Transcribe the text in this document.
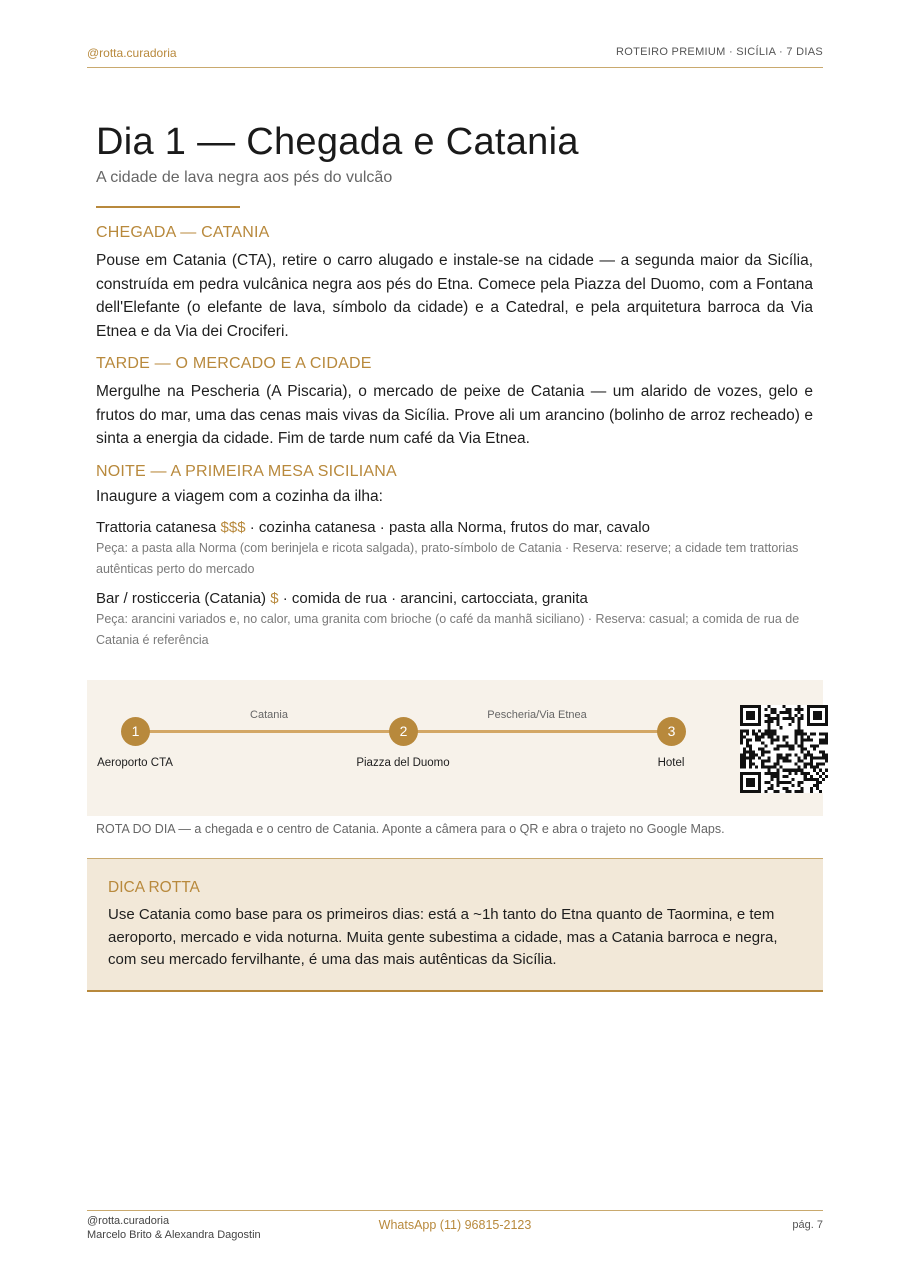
@rotta.curadoria	ROTEIRO PREMIUM · SICÍLIA · 7 DIAS
Dia 1 — Chegada e Catania
A cidade de lava negra aos pés do vulcão
CHEGADA — CATANIA

Pouse em Catania (CTA), retire o carro alugado e instale-se na cidade — a segunda maior da Sicília, construída em pedra vulcânica negra aos pés do Etna. Comece pela Piazza del Duomo, com a Fontana dell'Elefante (o elefante de lava, símbolo da cidade) e a Catedral, e pela arquitetura barroca da Via Etnea e da Via dei Crociferi.

TARDE — O MERCADO E A CIDADE

Mergulhe na Pescheria (A Piscaria), o mercado de peixe de Catania — um alarido de vozes, gelo e frutos do mar, uma das cenas mais vivas da Sicília. Prove ali um arancino (bolinho de arroz recheado) e sinta a energia da cidade. Fim de tarde num café da Via Etnea.

NOITE — A PRIMEIRA MESA SICILIANA

Inaugure a viagem com a cozinha da ilha:

Trattoria catanesa $$$ · cozinha catanesa · pasta alla Norma, frutos do mar, cavalo
Peça: a pasta alla Norma (com berinjela e ricota salgada), prato-símbolo de Catania · Reserva: reserve; a cidade tem trattorias autênticas perto do mercado
Bar / rosticceria (Catania) $ · comida de rua · arancini, cartocciata, granita
Peça: arancini variados e, no calor, uma granita com brioche (o café da manhã siciliano) · Reserva: casual; a comida de rua de Catania é referência
Catania	Pescheria/Via Etnea
1	2	3
Aeroporto CTA	Piazza del Duomo	Hotel
ROTA DO DIA — a chegada e o centro de Catania. Aponte a câmera para o QR e abra o trajeto no Google Maps.
DICA ROTTA
Use Catania como base para os primeiros dias: está a ~1h tanto do Etna quanto de Taormina, e tem aeroporto, mercado e vida noturna. Muita gente subestima a cidade, mas a Catania barroca e negra, com seu mercado fervilhante, é uma das mais autênticas da Sicília.
@rotta.curadoria
Marcelo Brito & Alexandra Dagostin
WhatsApp (11) 96815-2123	pág. 7
